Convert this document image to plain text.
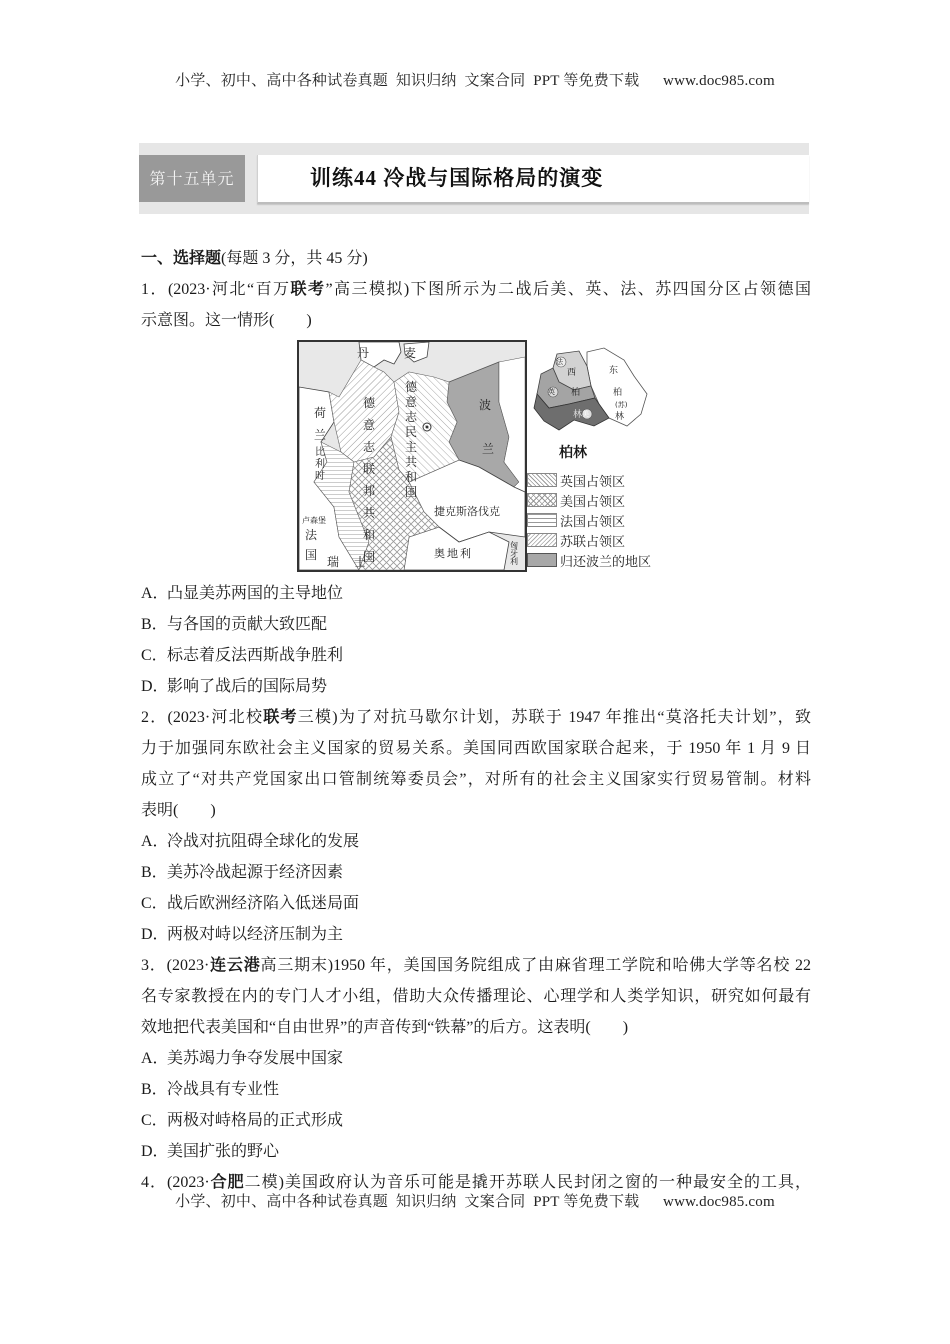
小学、初中、高中各种试卷真题  知识归纳  文案合同  PPT 等免费下载      www.doc985.com
第十五单元	训练44 冷战与国际格局的演变
一、选择题(每题 3 分，共 45 分)
1．(2023·河北“百万联考”高三模拟)下图所示为二战后美、英、法、苏四国分区占领德国
示意图。这一情形(　　)
丹	麦
荷兰
比利时
卢森堡
法国 瑞 士
德意志联邦共和国
德意志民主共和国
波
兰
捷克斯洛伐克
奥地利
匈牙利
法
英
美
西
柏
林
东
柏
(苏)
林
柏林
英国占领区
美国占领区
法国占领区
苏联占领区
归还波兰的地区
A．凸显美苏两国的主导地位
B．与各国的贡献大致匹配
C．标志着反法西斯战争胜利
D．影响了战后的国际局势
2．(2023·河北校联考三模)为了对抗马歇尔计划，苏联于 1947 年推出“莫洛托夫计划”，致
力于加强同东欧社会主义国家的贸易关系。美国同西欧国家联合起来，于 1950 年 1 月 9 日
成立了“对共产党国家出口管制统筹委员会”，对所有的社会主义国家实行贸易管制。材料
表明(　　)
A．冷战对抗阻碍全球化的发展
B．美苏冷战起源于经济因素
C．战后欧洲经济陷入低迷局面
D．两极对峙以经济压制为主
3．(2023·连云港高三期末)1950 年，美国国务院组成了由麻省理工学院和哈佛大学等名校 22
名专家教授在内的专门人才小组，借助大众传播理论、心理学和人类学知识，研究如何最有
效地把代表美国和“自由世界”的声音传到“铁幕”的后方。这表明(　　)
A．美苏竭力争夺发展中国家
B．冷战具有专业性
C．两极对峙格局的正式形成
D．美国扩张的野心
4．(2023·合肥二模)美国政府认为音乐可能是撬开苏联人民封闭之窗的一种最安全的工具，
小学、初中、高中各种试卷真题  知识归纳  文案合同  PPT 等免费下载      www.doc985.com
